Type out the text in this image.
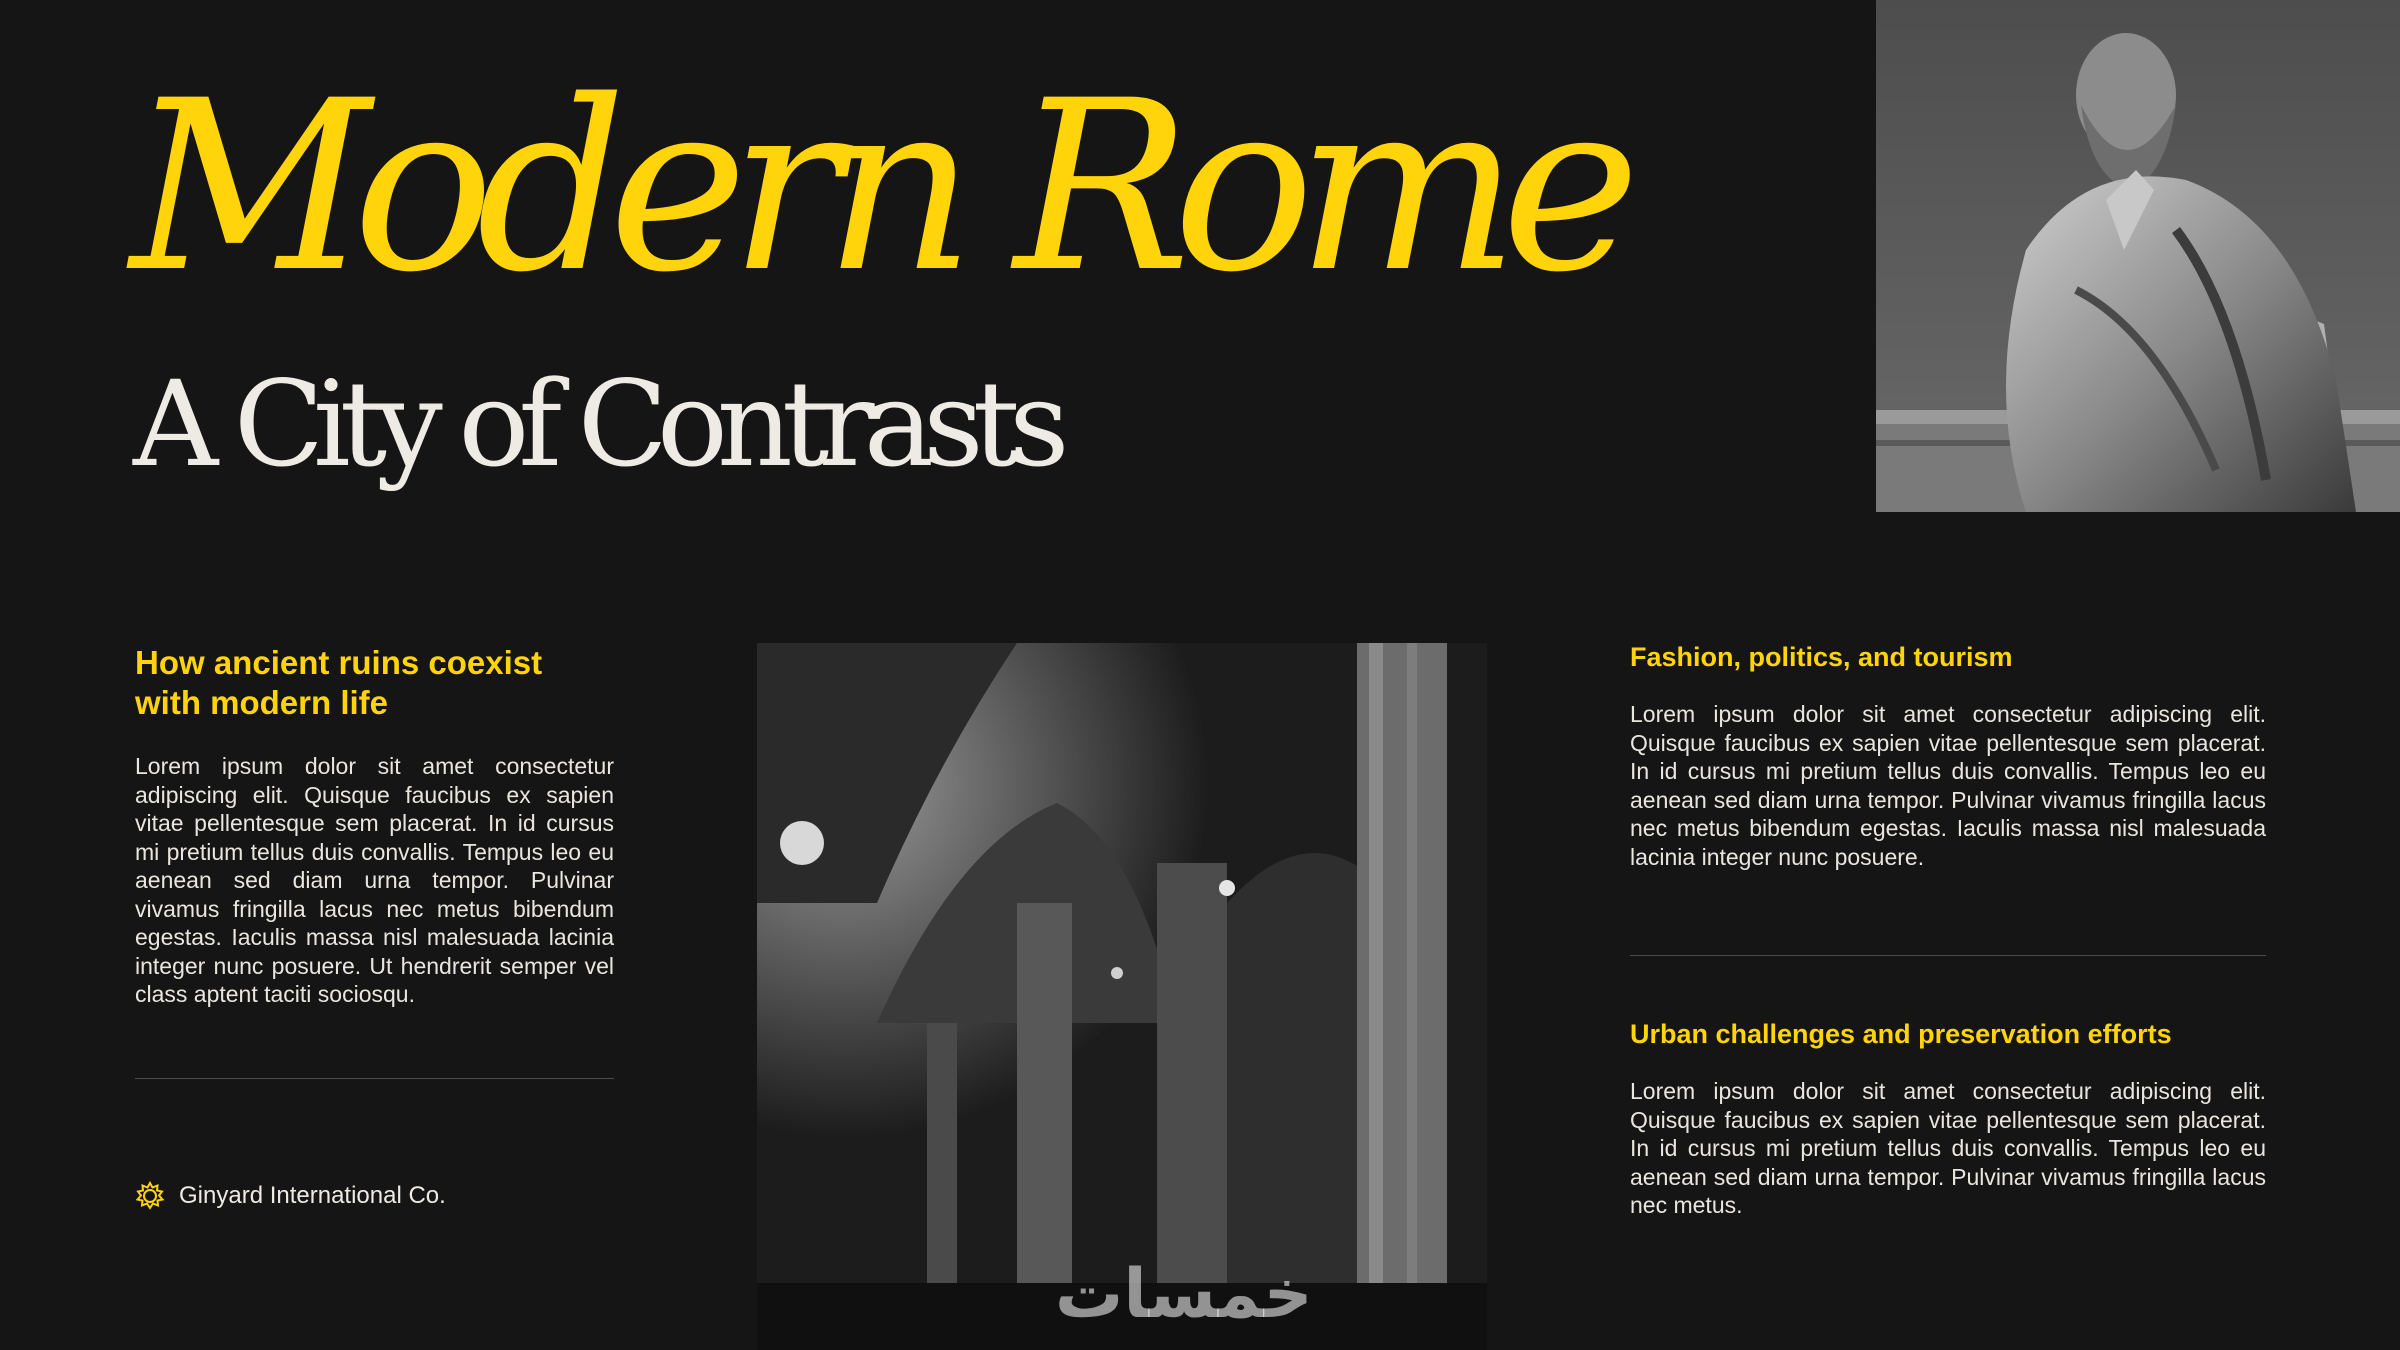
Modern Rome
A City of Contrasts
How ancient ruins coexist with modern life

Lorem ipsum dolor sit amet consectetur adipiscing elit. Quisque faucibus ex sapien vitae pellentesque sem placerat. In id cursus mi pretium tellus duis convallis. Tempus leo eu aenean sed diam urna tempor. Pulvinar vivamus fringilla lacus nec metus bibendum egestas. Iaculis massa nisl malesuada lacinia integer nunc posuere. Ut hendrerit semper vel class aptent taciti sociosqu.

Fashion, politics, and tourism

Lorem ipsum dolor sit amet consectetur adipiscing elit. Quisque faucibus ex sapien vitae pellentesque sem placerat. In id cursus mi pretium tellus duis convallis. Tempus leo eu aenean sed diam urna tempor. Pulvinar vivamus fringilla lacus nec metus bibendum egestas. Iaculis massa nisl malesuada lacinia integer nunc posuere.

Urban challenges and preservation efforts

Lorem ipsum dolor sit amet consectetur adipiscing elit. Quisque faucibus ex sapien vitae pellentesque sem placerat. In id cursus mi pretium tellus duis convallis. Tempus leo eu aenean sed diam urna tempor. Pulvinar vivamus fringilla lacus nec metus.

Ginyard International Co.
خمسات
